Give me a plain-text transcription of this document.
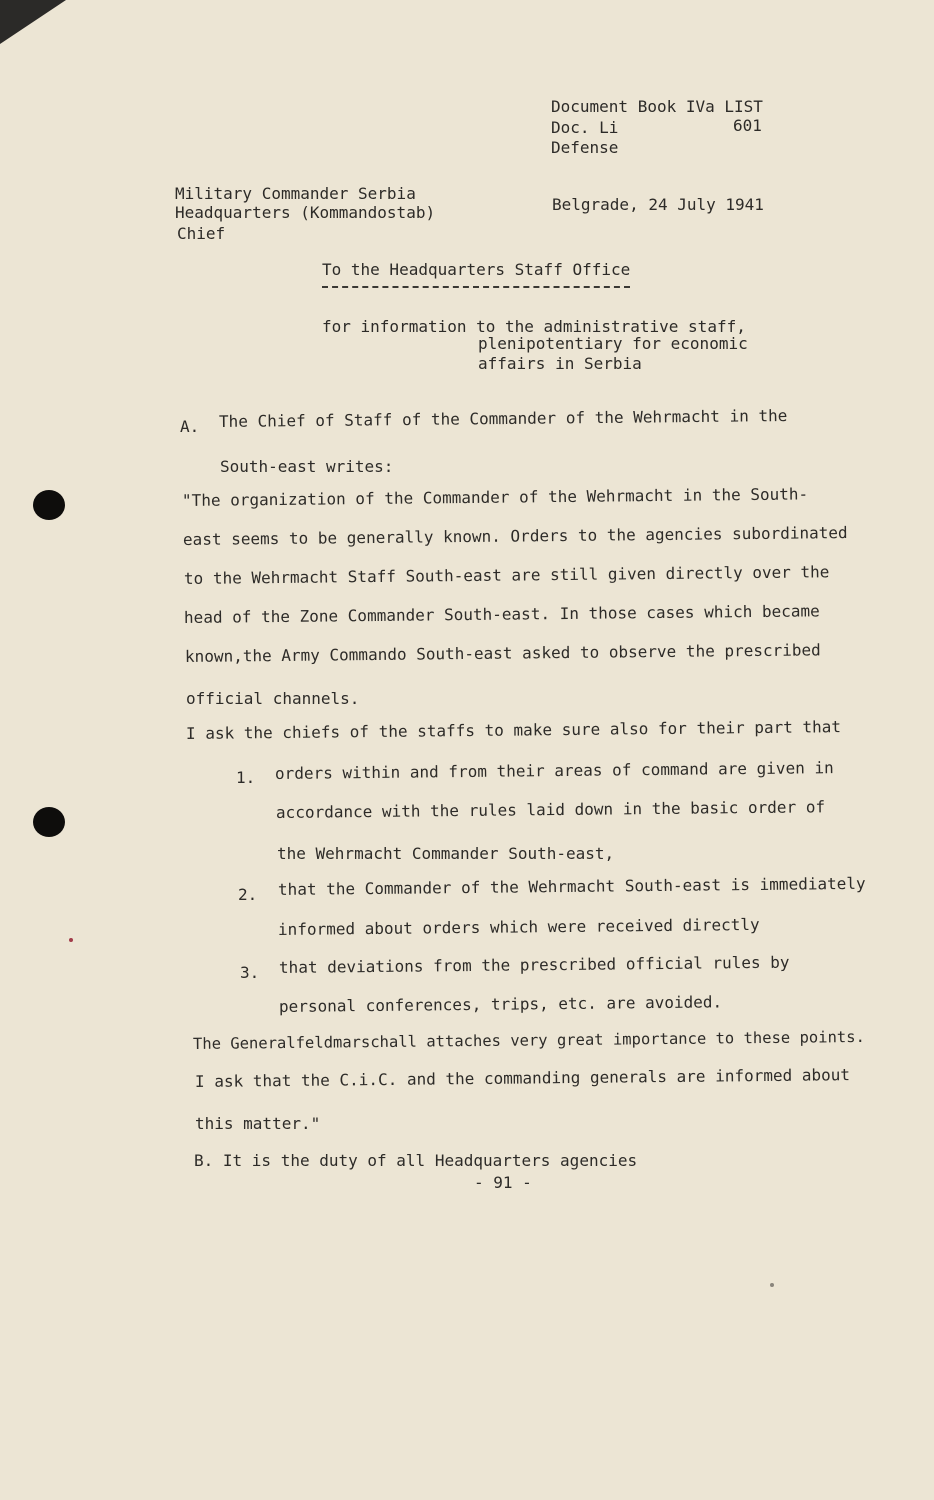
Document Book IVa LIST
Doc. Li	601
Defense
Military Commander Serbia
Headquarters (Kommandostab)
Chief
Belgrade, 24 July 1941
To the Headquarters Staff Office
for information to the administrative staff,
plenipotentiary for economic
affairs in Serbia
A. The Chief of Staff of the Commander of the Wehrmacht in the
South-east writes:
"The organization of the Commander of the Wehrmacht in the South-
east seems to be generally known. Orders to the agencies subordinated
to the Wehrmacht Staff South-east are still given directly over the
head of the Zone Commander South-east. In those cases which became
known,the Army Commando South-east asked to observe the prescribed
official channels.
I ask the chiefs of the staffs to make sure also for their part that
1. orders within and from their areas of command are given in
accordance with the rules laid down in the basic order of
the Wehrmacht Commander South-east,
2. that the Commander of the Wehrmacht South-east is immediately
informed about orders which were received directly
3. that deviations from the prescribed official rules by
personal conferences, trips, etc. are avoided.
The Generalfeldmarschall attaches very great importance to these points.
I ask that the C.i.C. and the commanding generals are informed about
this matter."
B. It is the duty of all Headquarters agencies
- 91 -
